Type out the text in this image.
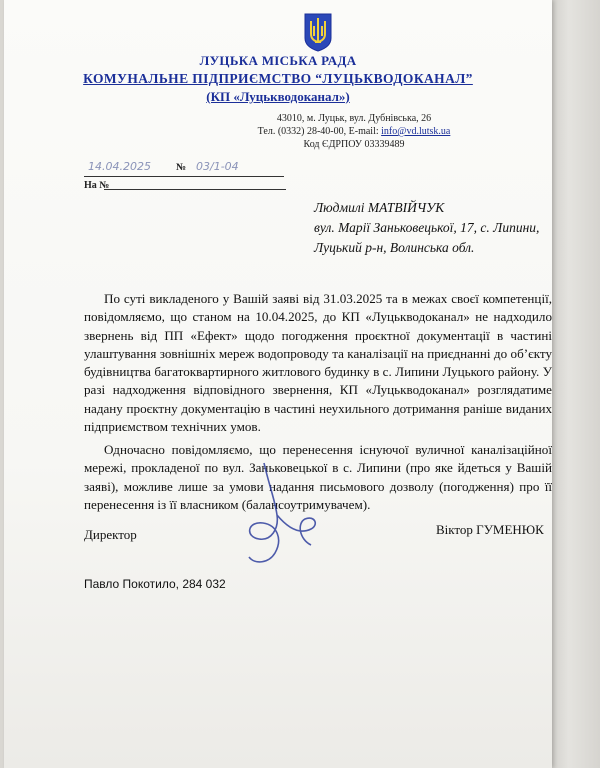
ЛУЦЬКА МІСЬКА РАДА
КОМУНАЛЬНЕ ПІДПРИЄМСТВО “ЛУЦЬКВОДОКАНАЛ”
(КП «Луцькводоканал»)
43010, м. Луцьк, вул. Дубнівська, 26
Тел. (0332) 28-40-00, E-mail: info@vd.lutsk.ua
Код ЄДРПОУ 03339489
14.04.2025	№ 03/1-04
На №
Людмилі МАТВІЙЧУК
вул. Марії Заньковецької, 17, с. Липини,
Луцький р-н, Волинська обл.
По суті викладеного у Вашій заяві від 31.03.2025 та в межах своєї компетенції, повідомляємо, що станом на 10.04.2025, до КП «Луцькводоканал» не надходило звернень від ПП «Ефект» щодо погодження проєктної документації в частині улаштування зовнішніх мереж водопроводу та каналізації на приєднанні до об’єкту будівництва багатоквартирного житлового будинку в с. Липини Луцького району. У разі надходження відповідного звернення, КП «Луцькводоканал» розглядатиме надану проєктну документацію в частині неухильного дотримання раніше виданих підприємством технічних умов.
Одночасно повідомляємо, що перенесення існуючої вуличної каналізаційної мережі, прокладеної по вул. Заньковецької в с. Липини (про яке йдеться у Вашій заяві), можливе лише за умови надання письмового дозволу (погодження) про її перенесення із її власником (балансоутримувачем).
Директор	Віктор ГУМЕНЮК
Павло Покотило, 284 032
